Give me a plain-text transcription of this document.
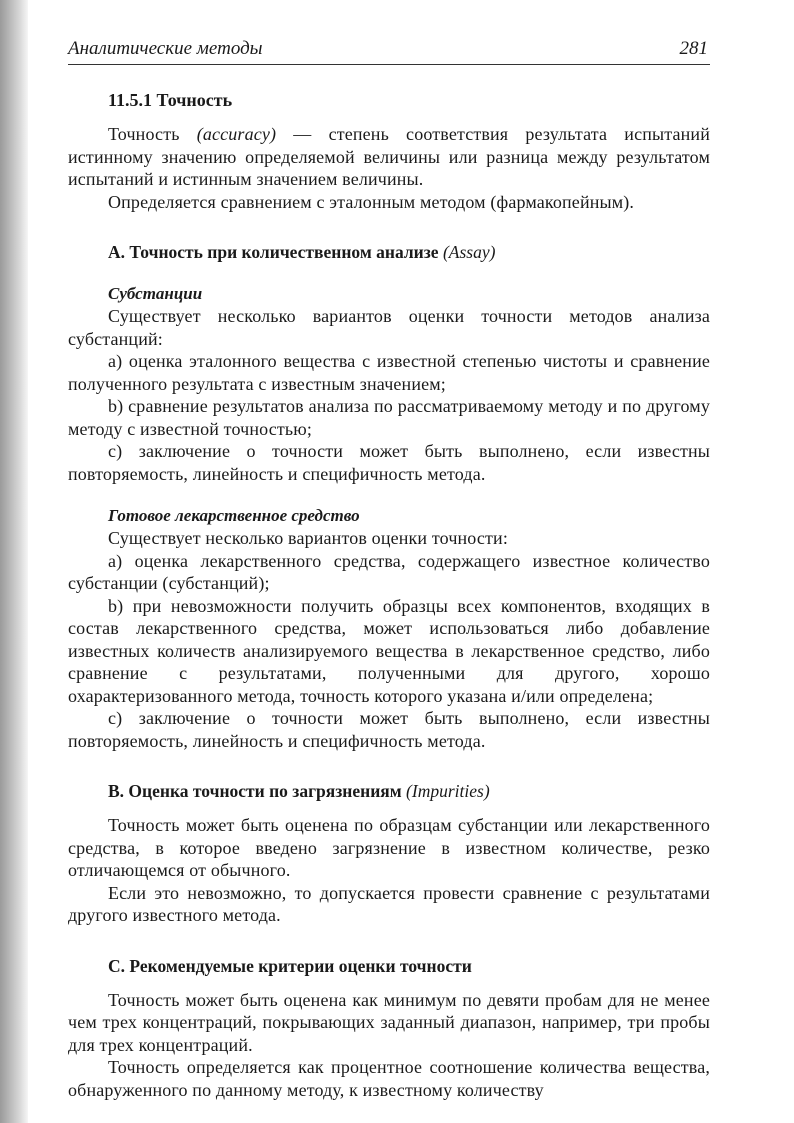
Аналитические методы	281
11.5.1 Точность

Точность (accuracy) — степень соответствия результата испытаний истинному значению определяемой величины или разница между результатом испытаний и истинным значением величины.

Определяется сравнением с эталонным методом (фармакопейным).

А. Точность при количественном анализе (Assay)
Субстанции

Существует несколько вариантов оценки точности методов анализа субстанций:

а) оценка эталонного вещества с известной степенью чистоты и сравнение полученного результата с известным значением;

b) сравнение результатов анализа по рассматриваемому методу и по другому методу с известной точностью;

с) заключение о точности может быть выполнено, если известны повторяемость, линейность и специфичность метода.

Готовое лекарственное средство

Существует несколько вариантов оценки точности:

а) оценка лекарственного средства, содержащего известное количество субстанции (субстанций);

b) при невозможности получить образцы всех компонентов, входящих в состав лекарственного средства, может использоваться либо добавление известных количеств анализируемого вещества в лекарственное средство, либо сравнение с результатами, полученными для другого, хорошо охарактеризованного метода, точность которого указана и/или определена;

с) заключение о точности может быть выполнено, если известны повторяемость, линейность и специфичность метода.

В. Оценка точности по загрязнениям (Impurities)

Точность может быть оценена по образцам субстанции или лекарственного средства, в которое введено загрязнение в известном количестве, резко отличающемся от обычного.

Если это невозможно, то допускается провести сравнение с результатами другого известного метода.

С. Рекомендуемые критерии оценки точности

Точность может быть оценена как минимум по девяти пробам для не менее чем трех концентраций, покрывающих заданный диапазон, например, три пробы для трех концентраций.

Точность определяется как процентное соотношение количества вещества, обнаруженного по данному методу, к известному количеству
